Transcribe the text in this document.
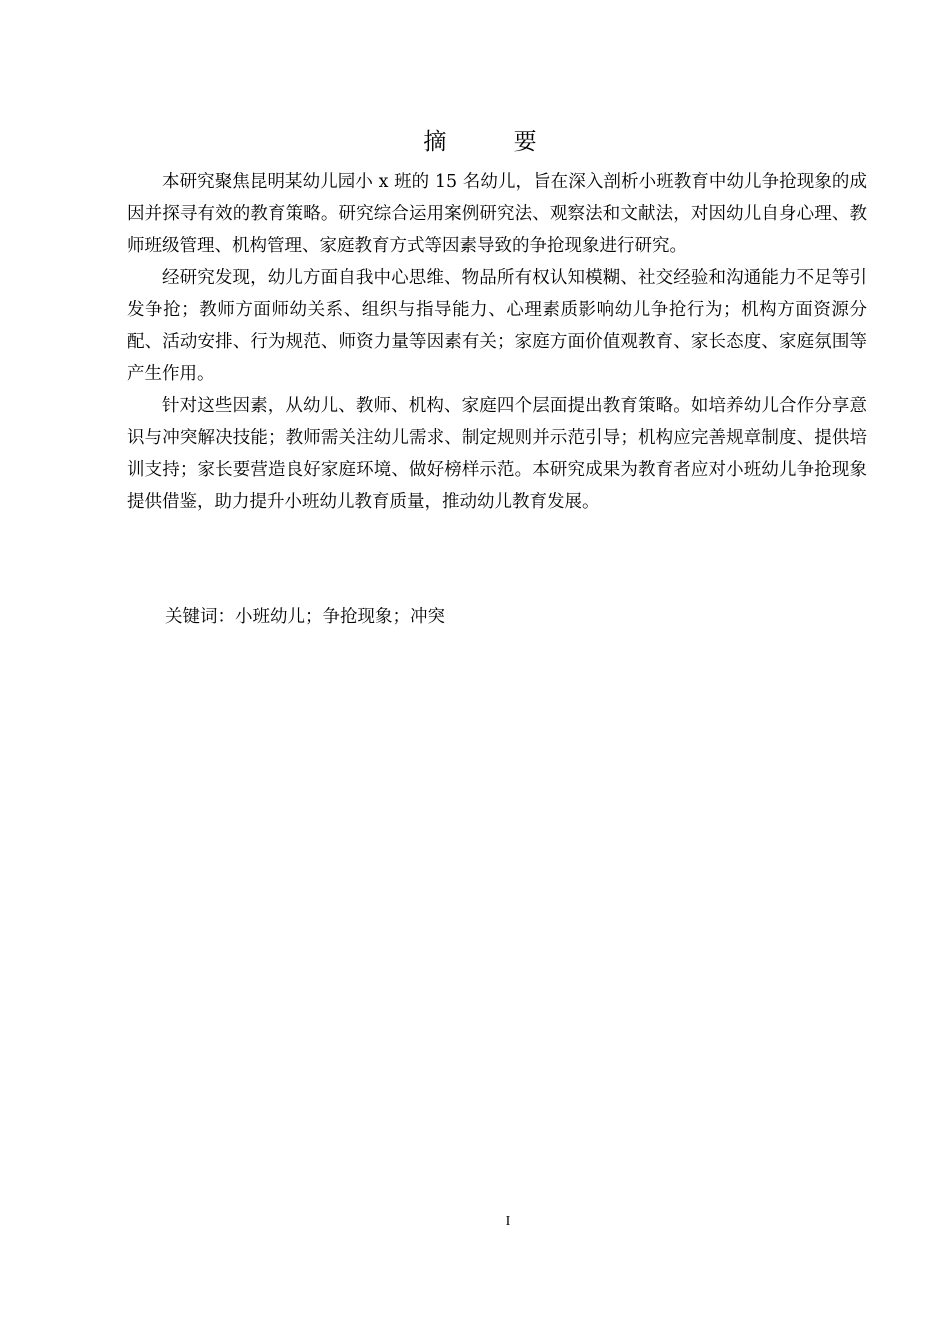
摘 要

本研究聚焦昆明某幼儿园小 x 班的 15 名幼儿，旨在深入剖析小班教育中幼儿争抢现象的成因并探寻有效的教育策略。研究综合运用案例研究法、观察法和文献法，对因幼儿自身心理、教师班级管理、机构管理、家庭教育方式等因素导致的争抢现象进行研究。

经研究发现，幼儿方面自我中心思维、物品所有权认知模糊、社交经验和沟通能力不足等引发争抢；教师方面师幼关系、组织与指导能力、心理素质影响幼儿争抢行为；机构方面资源分配、活动安排、行为规范、师资力量等因素有关；家庭方面价值观教育、家长态度、家庭氛围等产生作用。

针对这些因素，从幼儿、教师、机构、家庭四个层面提出教育策略。如培养幼儿合作分享意识与冲突解决技能；教师需关注幼儿需求、制定规则并示范引导；机构应完善规章制度、提供培训支持；家长要营造良好家庭环境、做好榜样示范。本研究成果为教育者应对小班幼儿争抢现象提供借鉴，助力提升小班幼儿教育质量，推动幼儿教育发展。

关键词：小班幼儿；争抢现象；冲突
I
